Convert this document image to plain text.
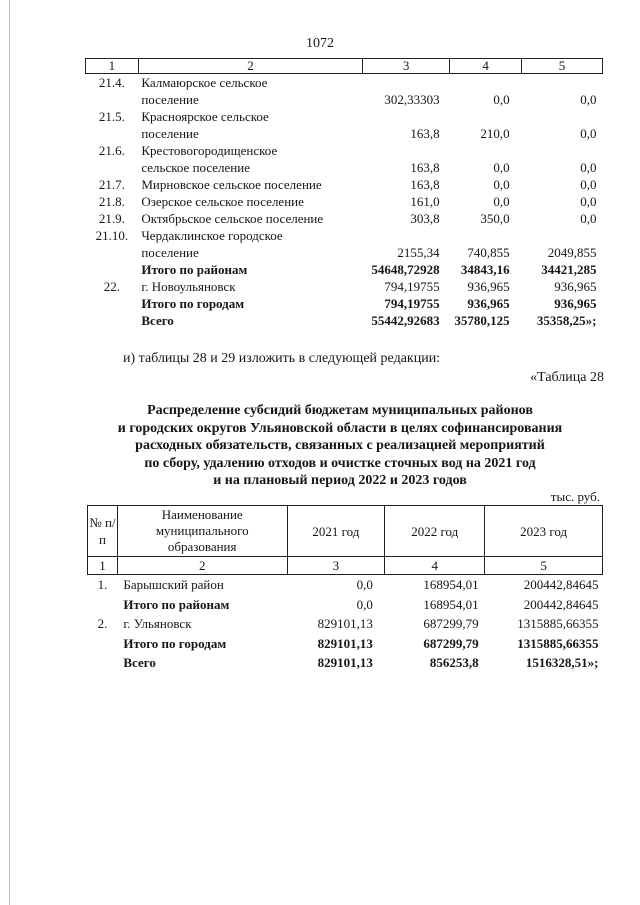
1072
1	2	3	4	5
21.4.	Калмаюрское сельское			
	поселение	302,33303	0,0	0,0
21.5.	Красноярское сельское			
	поселение	163,8	210,0	0,0
21.6.	Крестовогородищенское			
	сельское поселение	163,8	0,0	0,0
21.7.	Мирновское сельское поселение	163,8	0,0	0,0
21.8.	Озерское сельское поселение	161,0	0,0	0,0
21.9.	Октябрьское сельское поселение	303,8	350,0	0,0
21.10.	Чердаклинское городское			
	поселение	2155,34	740,855	2049,855
	Итого по районам	54648,72928	34843,16	34421,285
22.	г. Новоульяновск	794,19755	936,965	936,965
	Итого по городам	794,19755	936,965	936,965
	Всего	55442,92683	35780,125	35358,25»;
и) таблицы 28 и 29 изложить в следующей редакции:
«Таблица 28
Распределение субсидий бюджетам муниципальных районов
и городских округов Ульяновской области в целях софинансирования
расходных обязательств, связанных с реализацией мероприятий
по сбору, удалению отходов и очистке сточных вод на 2021 год
и на плановый период 2022 и 2023 годов
тыс. руб.
№ п/п	Наименование
муниципального
образования	2021 год	2022 год	2023 год
1	2	3	4	5
1.	Барышский район	0,0	168954,01	200442,84645
	Итого по районам	0,0	168954,01	200442,84645
2.	г. Ульяновск	829101,13	687299,79	1315885,66355
	Итого по городам	829101,13	687299,79	1315885,66355
	Всего	829101,13	856253,8	1516328,51»;
